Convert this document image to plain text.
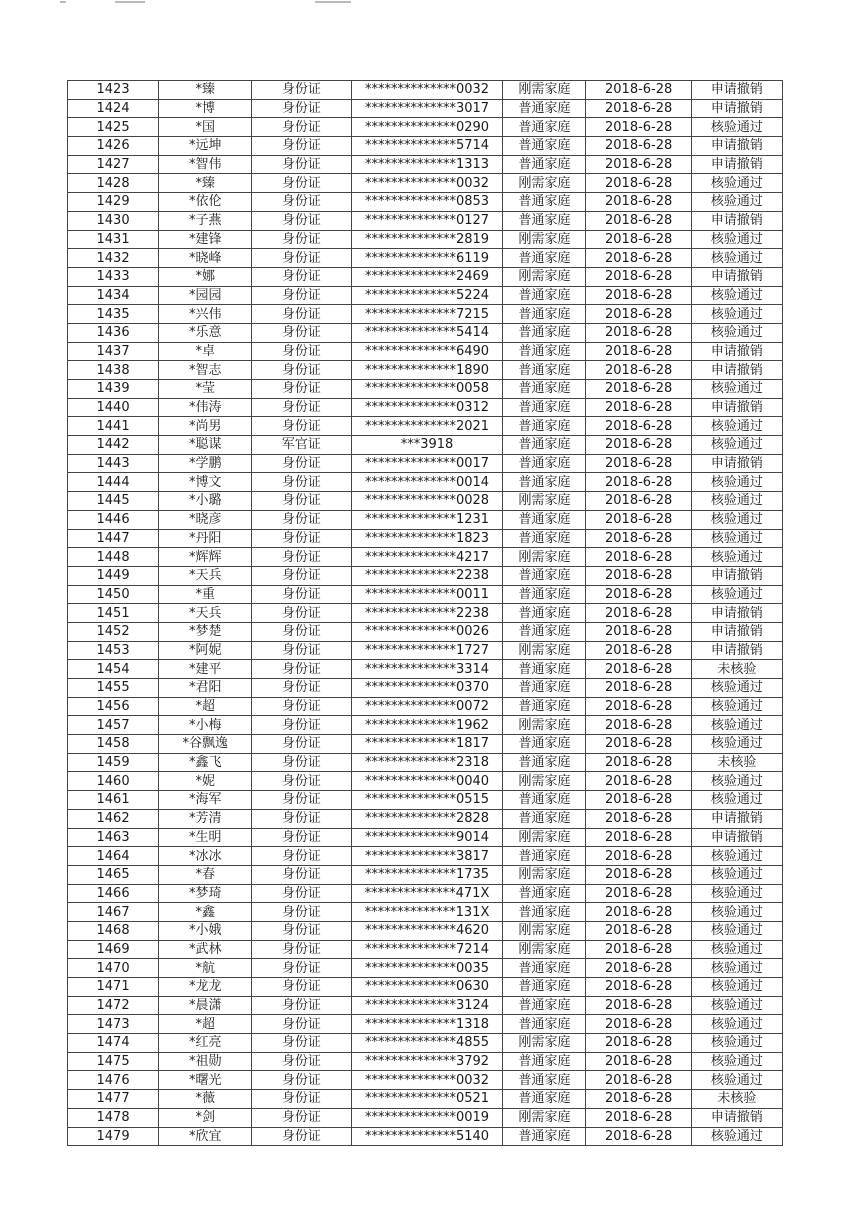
1423	*臻	身份证	**************0032	刚需家庭	2018-6-28	申请撤销
1424	*博	身份证	**************3017	普通家庭	2018-6-28	申请撤销
1425	*国	身份证	**************0290	普通家庭	2018-6-28	核验通过
1426	*远坤	身份证	**************5714	普通家庭	2018-6-28	申请撤销
1427	*智伟	身份证	**************1313	普通家庭	2018-6-28	申请撤销
1428	*臻	身份证	**************0032	刚需家庭	2018-6-28	核验通过
1429	*依伦	身份证	**************0853	普通家庭	2018-6-28	核验通过
1430	*子燕	身份证	**************0127	普通家庭	2018-6-28	申请撤销
1431	*建锋	身份证	**************2819	刚需家庭	2018-6-28	核验通过
1432	*晓峰	身份证	**************6119	普通家庭	2018-6-28	核验通过
1433	*娜	身份证	**************2469	刚需家庭	2018-6-28	申请撤销
1434	*园园	身份证	**************5224	普通家庭	2018-6-28	核验通过
1435	*兴伟	身份证	**************7215	普通家庭	2018-6-28	核验通过
1436	*乐意	身份证	**************5414	普通家庭	2018-6-28	核验通过
1437	*卓	身份证	**************6490	普通家庭	2018-6-28	申请撤销
1438	*智志	身份证	**************1890	普通家庭	2018-6-28	申请撤销
1439	*莹	身份证	**************0058	普通家庭	2018-6-28	核验通过
1440	*伟涛	身份证	**************0312	普通家庭	2018-6-28	申请撤销
1441	*尚男	身份证	**************2021	普通家庭	2018-6-28	核验通过
1442	*聪谋	军官证	***3918	普通家庭	2018-6-28	核验通过
1443	*学鹏	身份证	**************0017	普通家庭	2018-6-28	申请撤销
1444	*博文	身份证	**************0014	普通家庭	2018-6-28	核验通过
1445	*小璐	身份证	**************0028	刚需家庭	2018-6-28	核验通过
1446	*晓彦	身份证	**************1231	普通家庭	2018-6-28	核验通过
1447	*丹阳	身份证	**************1823	普通家庭	2018-6-28	核验通过
1448	*辉辉	身份证	**************4217	刚需家庭	2018-6-28	核验通过
1449	*天兵	身份证	**************2238	普通家庭	2018-6-28	申请撤销
1450	*重	身份证	**************0011	普通家庭	2018-6-28	核验通过
1451	*天兵	身份证	**************2238	普通家庭	2018-6-28	申请撤销
1452	*梦楚	身份证	**************0026	普通家庭	2018-6-28	申请撤销
1453	*阿妮	身份证	**************1727	刚需家庭	2018-6-28	申请撤销
1454	*建平	身份证	**************3314	普通家庭	2018-6-28	未核验
1455	*君阳	身份证	**************0370	普通家庭	2018-6-28	核验通过
1456	*超	身份证	**************0072	普通家庭	2018-6-28	核验通过
1457	*小梅	身份证	**************1962	刚需家庭	2018-6-28	核验通过
1458	*谷飘逸	身份证	**************1817	普通家庭	2018-6-28	核验通过
1459	*鑫飞	身份证	**************2318	普通家庭	2018-6-28	未核验
1460	*妮	身份证	**************0040	刚需家庭	2018-6-28	核验通过
1461	*海军	身份证	**************0515	普通家庭	2018-6-28	核验通过
1462	*芳清	身份证	**************2828	普通家庭	2018-6-28	申请撤销
1463	*生明	身份证	**************9014	刚需家庭	2018-6-28	申请撤销
1464	*冰冰	身份证	**************3817	普通家庭	2018-6-28	核验通过
1465	*春	身份证	**************1735	刚需家庭	2018-6-28	核验通过
1466	*梦琦	身份证	**************471X	普通家庭	2018-6-28	核验通过
1467	*鑫	身份证	**************131X	普通家庭	2018-6-28	核验通过
1468	*小娥	身份证	**************4620	刚需家庭	2018-6-28	核验通过
1469	*武林	身份证	**************7214	刚需家庭	2018-6-28	核验通过
1470	*航	身份证	**************0035	普通家庭	2018-6-28	核验通过
1471	*龙龙	身份证	**************0630	普通家庭	2018-6-28	核验通过
1472	*晨潇	身份证	**************3124	普通家庭	2018-6-28	核验通过
1473	*超	身份证	**************1318	普通家庭	2018-6-28	核验通过
1474	*红亮	身份证	**************4855	刚需家庭	2018-6-28	核验通过
1475	*祖勋	身份证	**************3792	普通家庭	2018-6-28	核验通过
1476	*曙光	身份证	**************0032	普通家庭	2018-6-28	核验通过
1477	*薇	身份证	**************0521	普通家庭	2018-6-28	未核验
1478	*剑	身份证	**************0019	刚需家庭	2018-6-28	申请撤销
1479	*欣宜	身份证	**************5140	普通家庭	2018-6-28	核验通过
